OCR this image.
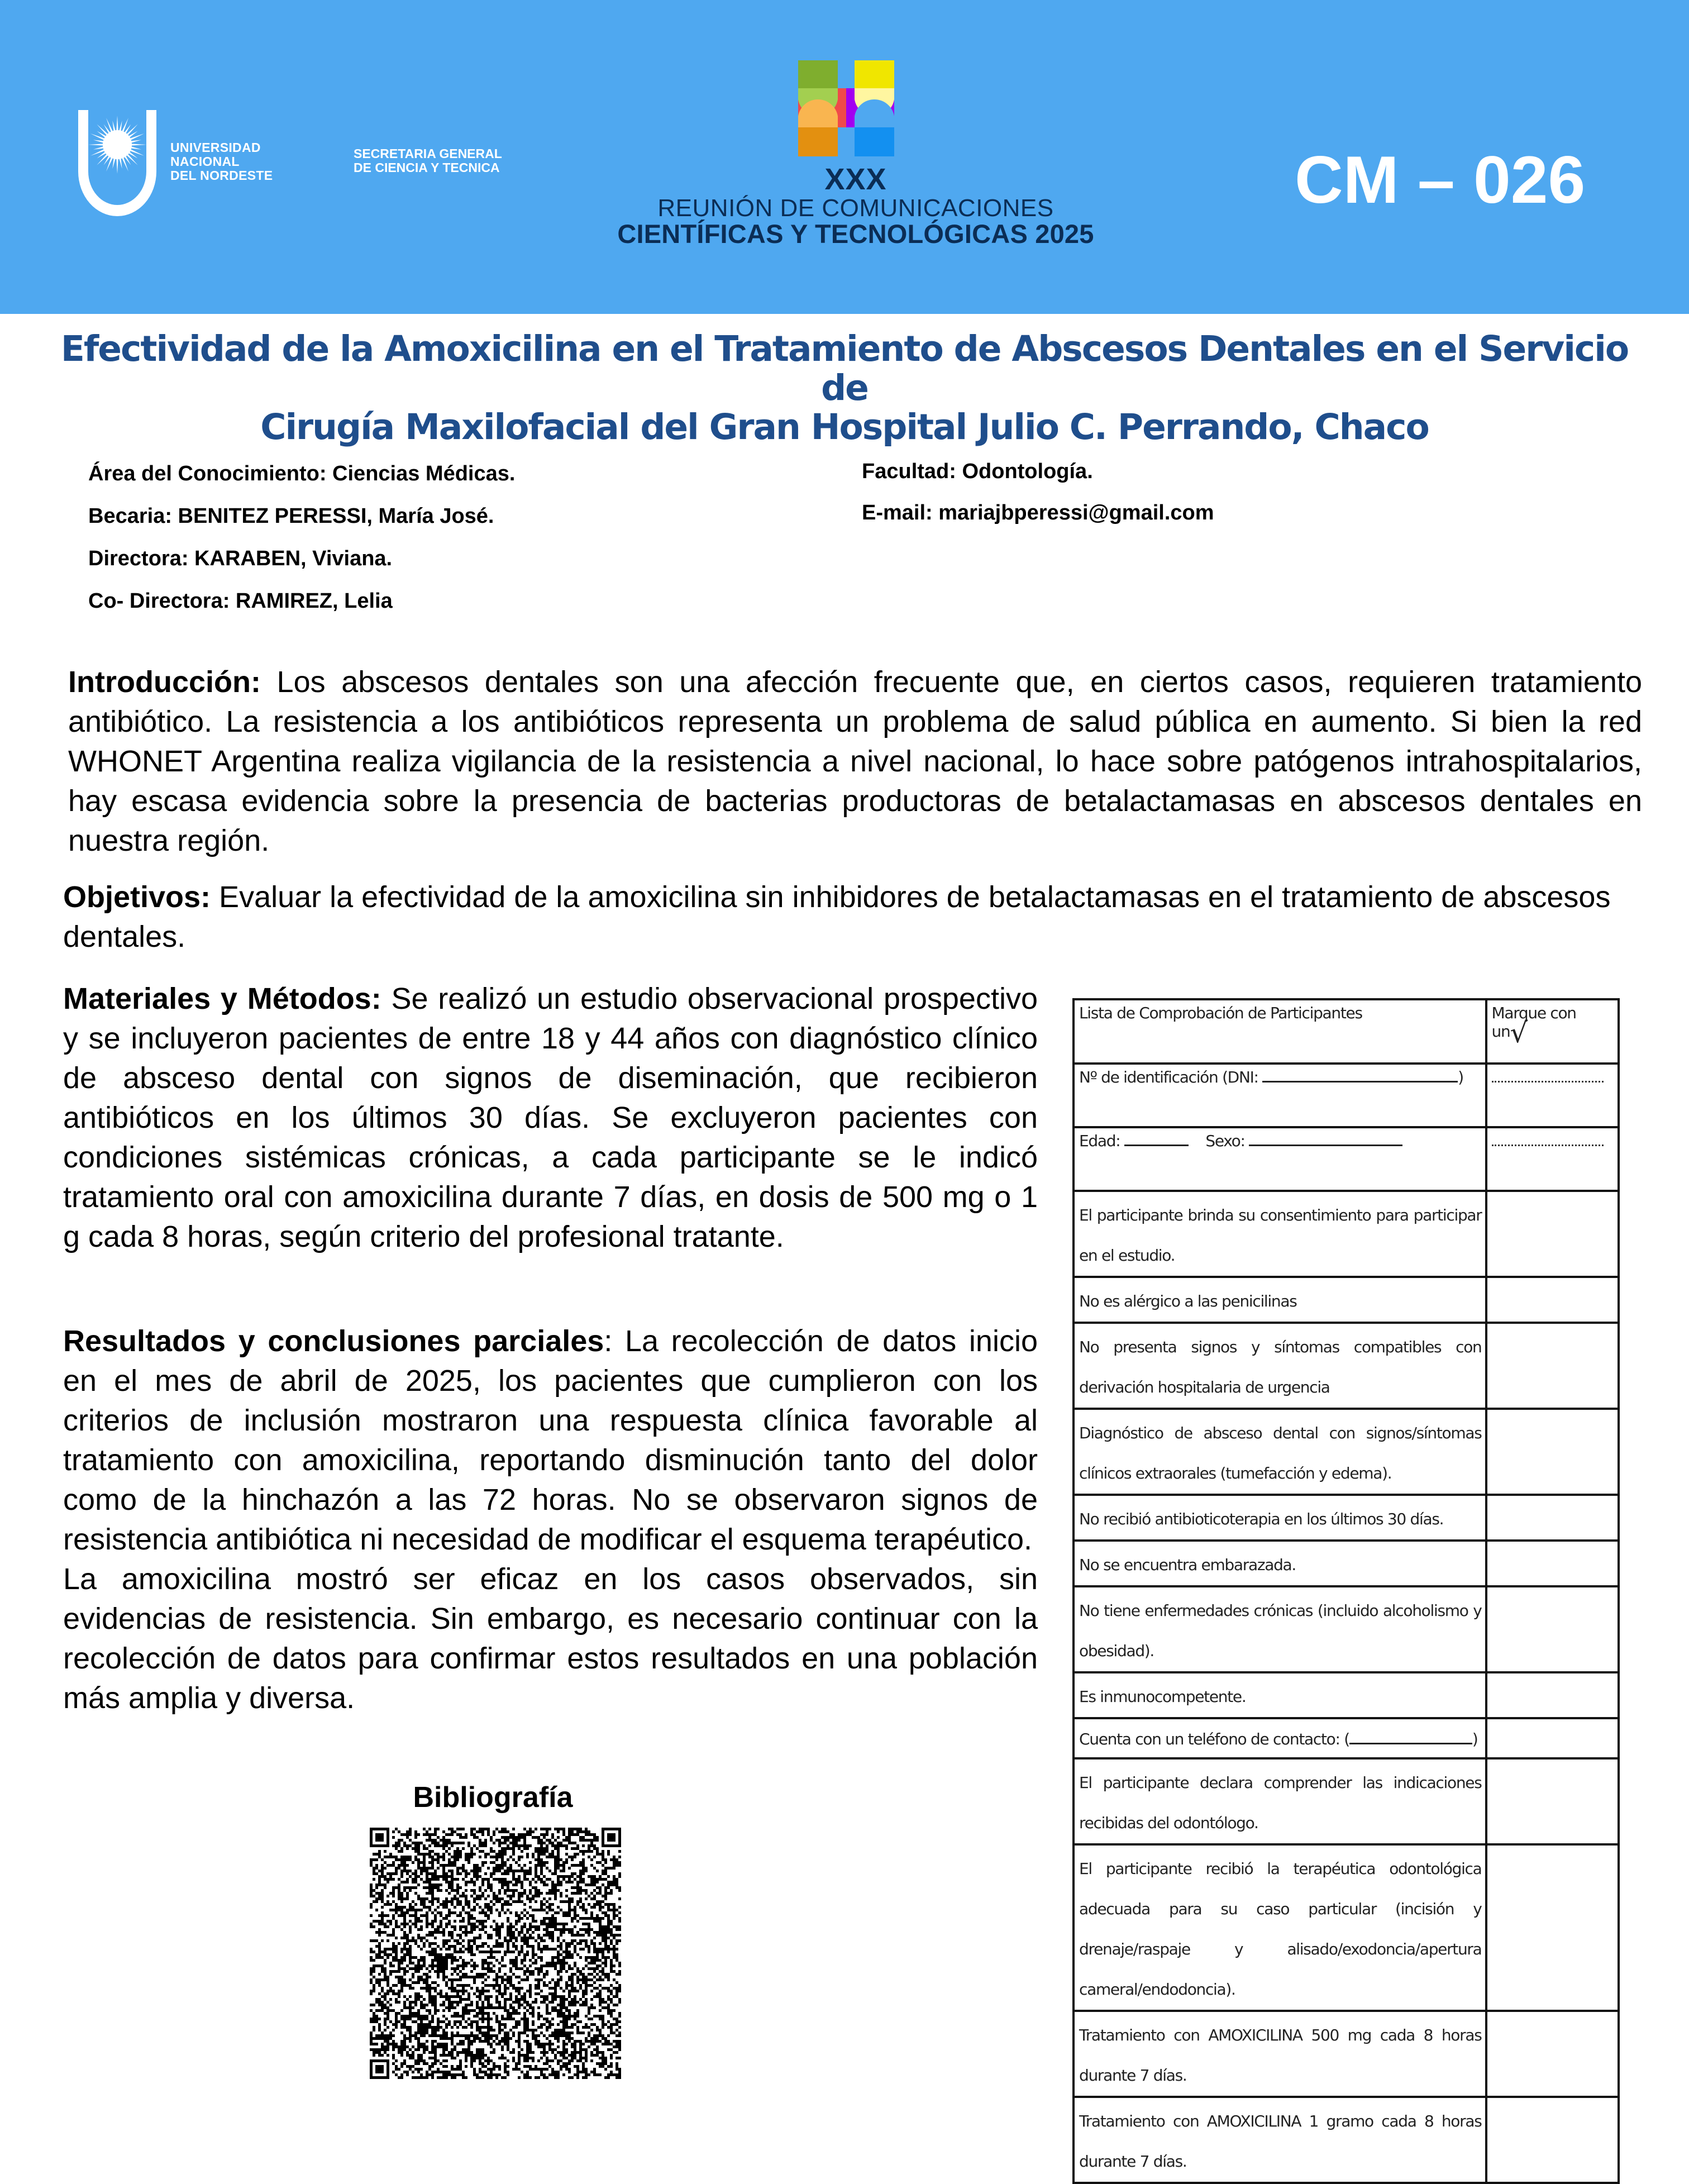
UNIVERSIDAD
NACIONAL
DEL NORDESTE
SECRETARIA GENERAL
DE CIENCIA Y TECNICA	XXX
REUNIÓN DE COMUNICACIONES
CIENTÍFICAS Y TECNOLÓGICAS 2025
CM – 026
Efectividad de la Amoxicilina en el Tratamiento de Abscesos Dentales en el Servicio de
Cirugía Maxilofacial del Gran Hospital Julio C. Perrando, Chaco
Área del Conocimiento: Ciencias Médicas.
Becaria: BENITEZ PERESSI, María José.
Directora: KARABEN, Viviana.
Co- Directora: RAMIREZ, Lelia
Facultad: Odontología.
E-mail: mariajbperessi@gmail.com
Introducción: Los abscesos dentales son una afección frecuente que, en ciertos casos, requieren tratamiento antibiótico. La resistencia a los antibióticos representa un problema de salud pública en aumento. Si bien la red WHONET Argentina realiza vigilancia de la resistencia a nivel nacional, lo hace sobre patógenos intrahospitalarios, hay escasa evidencia sobre la presencia de bacterias productoras de betalactamasas en abscesos dentales en nuestra región.
Objetivos: Evaluar la efectividad de la amoxicilina sin inhibidores de betalactamasas en el tratamiento de abscesos dentales.
Materiales y Métodos: Se realizó un estudio observacional prospectivo y se incluyeron pacientes de entre 18 y 44 años con diagnóstico clínico de absceso dental con signos de diseminación, que recibieron antibióticos en los últimos 30 días. Se excluyeron pacientes con condiciones sistémicas crónicas, a cada participante se le indicó tratamiento oral con amoxicilina durante 7 días, en dosis de 500 mg o 1 g cada 8 horas, según criterio del profesional tratante.
Resultados y conclusiones parciales: La recolección de datos inicio en el mes de abril de 2025, los pacientes que cumplieron con los criterios de inclusión mostraron una respuesta clínica favorable al tratamiento con amoxicilina, reportando disminución tanto del dolor como de la hinchazón a las 72 horas. No se observaron signos de resistencia antibiótica ni necesidad de modificar el esquema terapéutico.
La amoxicilina mostró ser eficaz en los casos observados, sin evidencias de resistencia. Sin embargo, es necesario continuar con la recolección de datos para confirmar estos resultados en una población más amplia y diversa.
Bibliografía
Lista de Comprobación de Participantes	Marque con un√
Nº de identificación (DNI: )	
Edad: Sexo:	
El participante brinda su consentimiento para participar en el estudio.	
No es alérgico a las penicilinas	
No presenta signos y síntomas compatibles con derivación hospitalaria de urgencia	
Diagnóstico de absceso dental con signos/síntomas clínicos extraorales (tumefacción y edema).	
No recibió antibioticoterapia en los últimos 30 días.	
No se encuentra embarazada.	
No tiene enfermedades crónicas (incluido alcoholismo y obesidad).	
Es inmunocompetente.	
Cuenta con un teléfono de contacto: ( )	
El participante declara comprender las indicaciones recibidas del odontólogo.	
El participante recibió la terapéutica odontológica adecuada para su caso particular (incisión y drenaje/raspaje y alisado/exodoncia/apertura cameral/endodoncia).	
Tratamiento con AMOXICILINA 500 mg cada 8 horas durante 7 días.	
Tratamiento con AMOXICILINA 1 gramo cada 8 horas durante 7 días.	
